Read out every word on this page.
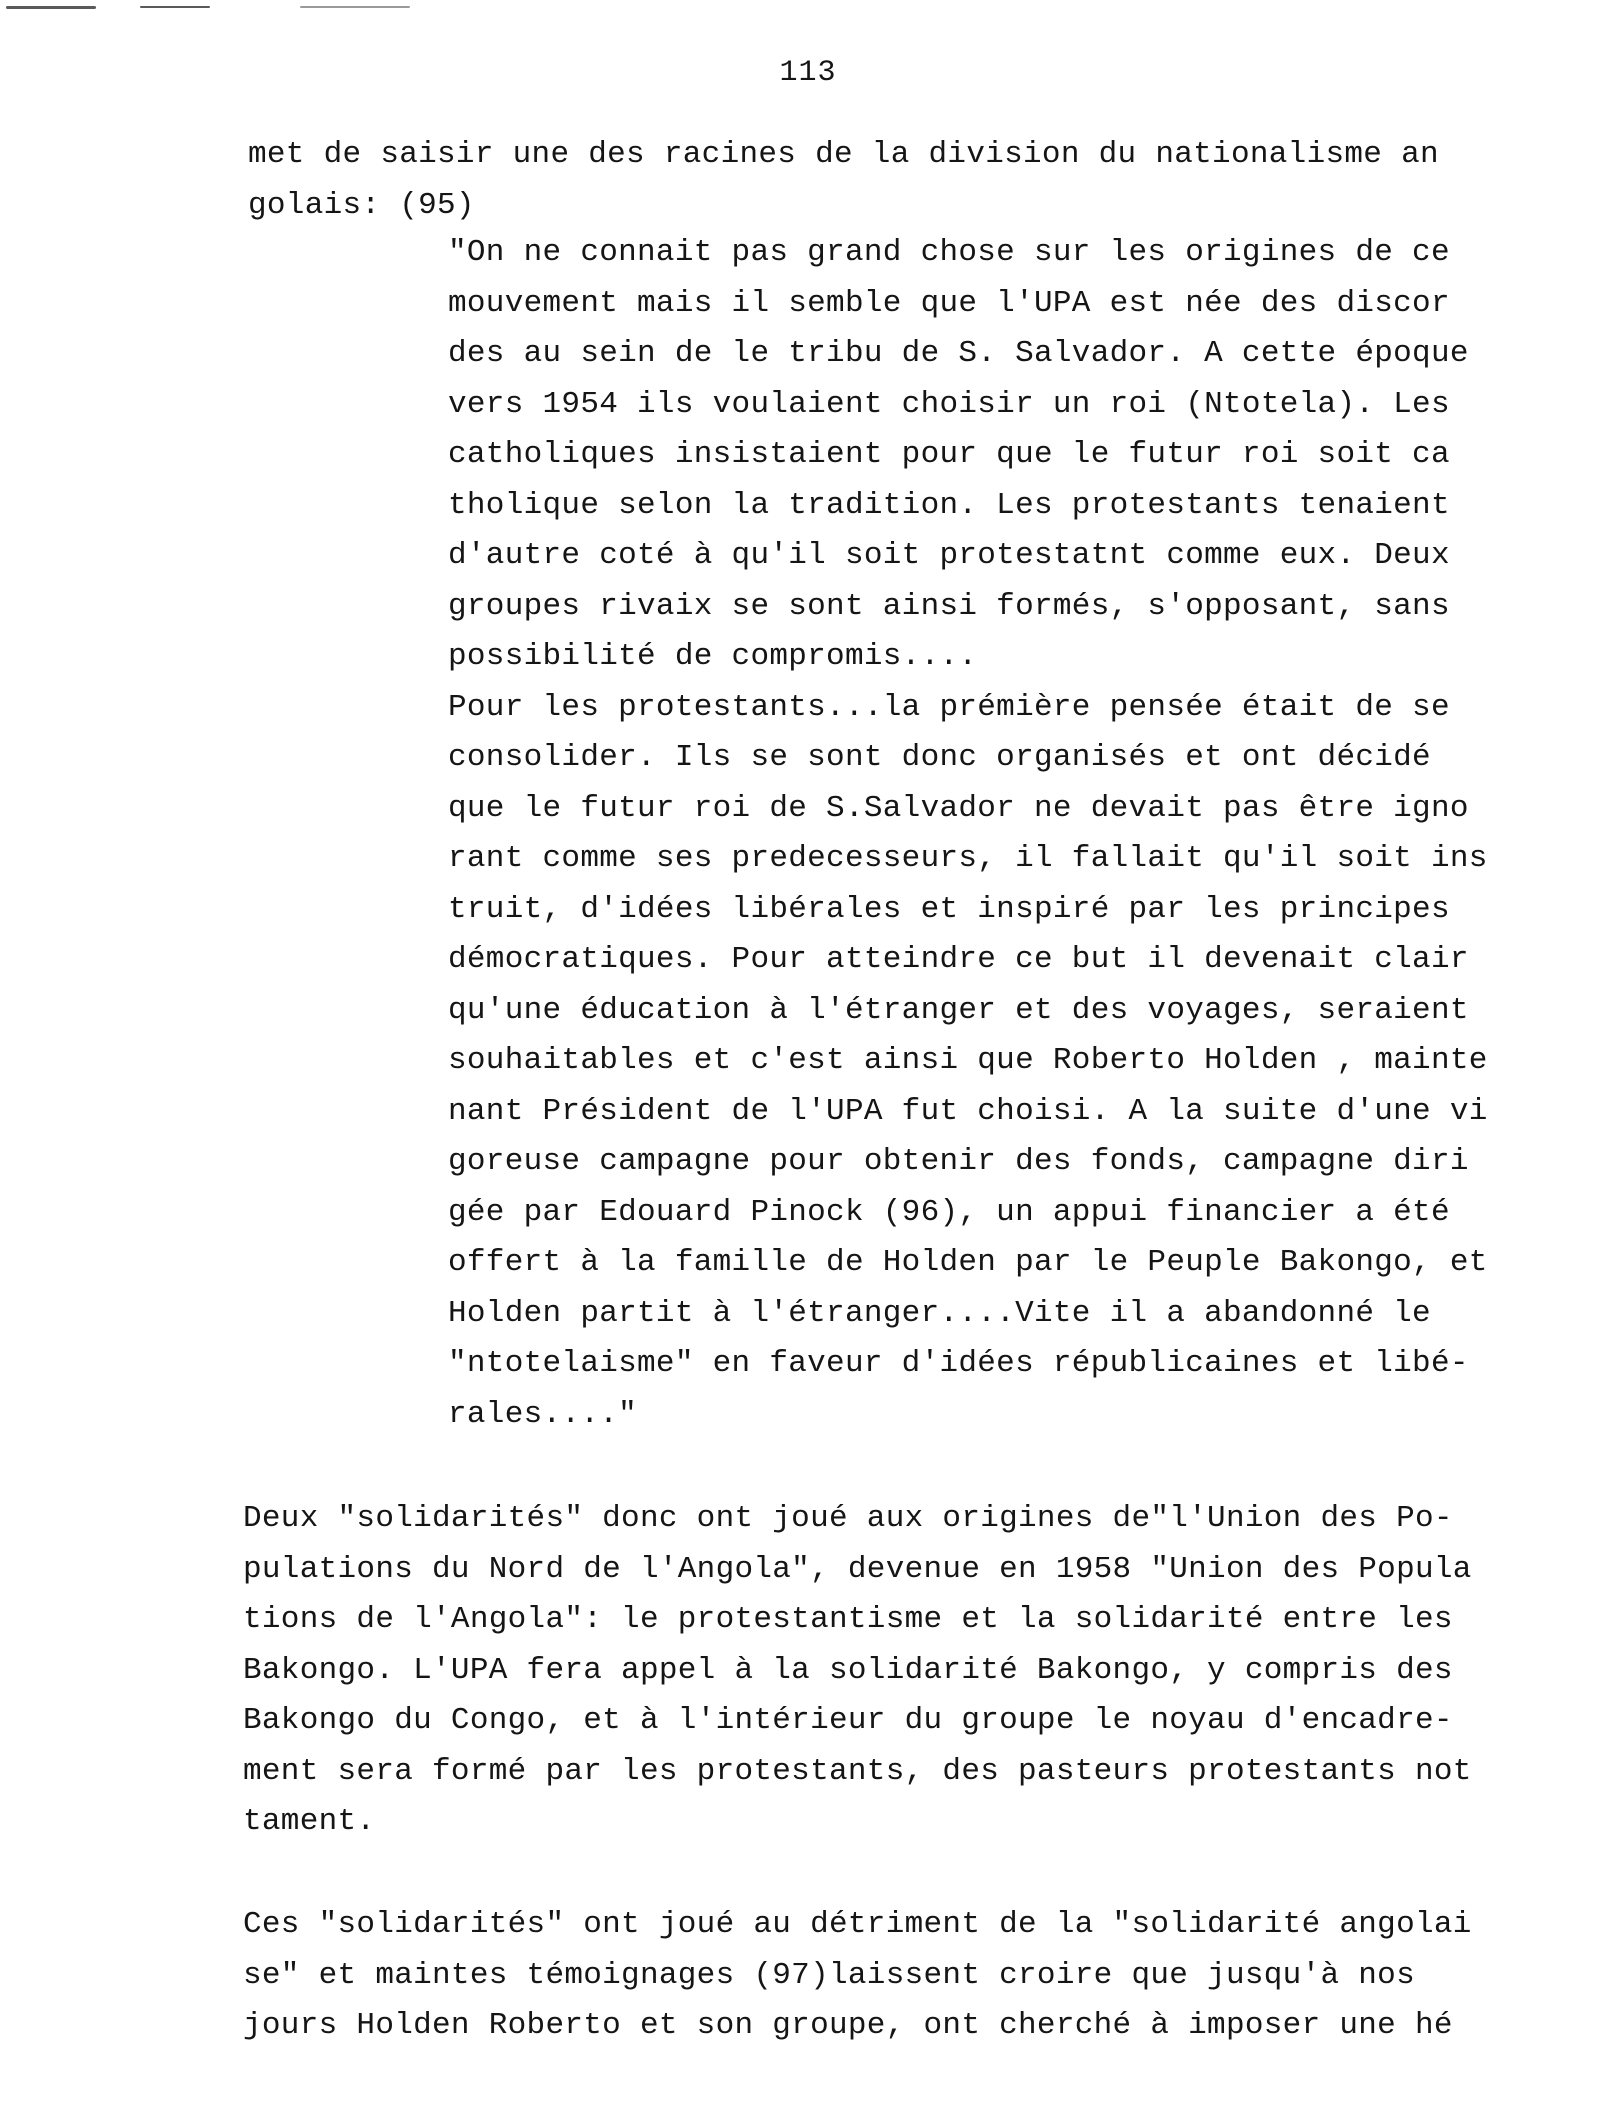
113
met de saisir une des racines de la division du nationalisme an
golais: (95)
"On ne connait pas grand chose sur les origines de ce
mouvement mais il semble que l'UPA est née des discor
des au sein de le tribu de S. Salvador. A cette époque
vers 1954 ils voulaient choisir un roi (Ntotela). Les
catholiques insistaient pour que le futur roi soit ca
tholique selon la tradition. Les protestants tenaient
d'autre coté à qu'il soit protestatnt comme eux. Deux
groupes rivaix se sont ainsi formés, s'opposant, sans
possibilité de compromis....
Pour les protestants...la prémière pensée était de se
consolider. Ils se sont donc organisés et ont décidé
que le futur roi de S.Salvador ne devait pas être igno
rant comme ses predecesseurs, il fallait qu'il soit ins
truit, d'idées libérales et inspiré par les principes
démocratiques. Pour atteindre ce but il devenait clair
qu'une éducation à l'étranger et des voyages, seraient
souhaitables et c'est ainsi que Roberto Holden , mainte
nant Président de l'UPA fut choisi. A la suite d'une vi
goreuse campagne pour obtenir des fonds, campagne diri
gée par Edouard Pinock (96), un appui financier a été
offert à la famille de Holden par le Peuple Bakongo, et
Holden partit à l'étranger....Vite il a abandonné le
"ntotelaisme" en faveur d'idées républicaines et libé-
rales...."
Deux "solidarités" donc ont joué aux origines de"l'Union des Po-
pulations du Nord de l'Angola", devenue en 1958 "Union des Popula
tions de l'Angola": le protestantisme et la solidarité entre les
Bakongo. L'UPA fera appel à la solidarité Bakongo, y compris des
Bakongo du Congo, et à l'intérieur du groupe le noyau d'encadre-
ment sera formé par les protestants, des pasteurs protestants not
tament.
Ces "solidarités" ont joué au détriment de la "solidarité angolai
se" et maintes témoignages (97)laissent croire que jusqu'à nos
jours Holden Roberto et son groupe, ont cherché à imposer une hé
